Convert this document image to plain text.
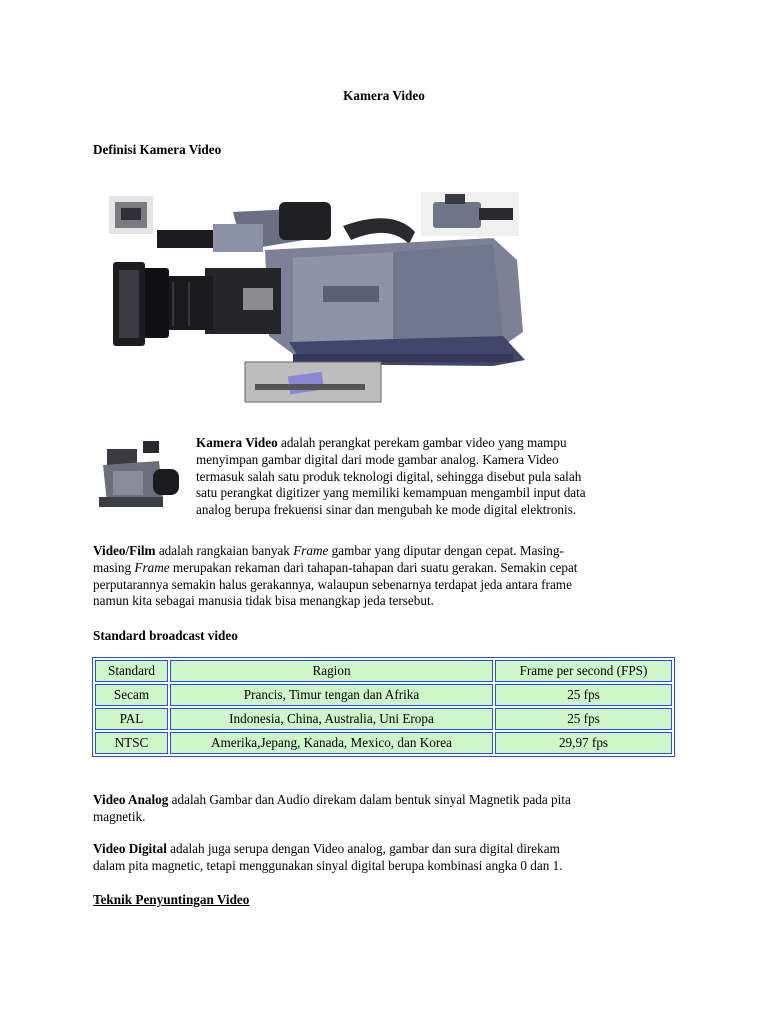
Kamera Video
Definisi Kamera Video
Kamera Video adalah perangkat perekam gambar video yang mampu
menyimpan gambar digital dari mode gambar analog. Kamera Video
termasuk salah satu produk teknologi digital, sehingga disebut pula salah
satu perangkat digitizer yang memiliki kemampuan mengambil input data
analog berupa frekuensi sinar dan mengubah ke mode digital elektronis.
Video/Film adalah rangkaian banyak Frame gambar yang diputar dengan cepat. Masing-
masing Frame merupakan rekaman dari tahapan-tahapan dari suatu gerakan. Semakin cepat
perputarannya semakin halus gerakannya, walaupun sebenarnya terdapat jeda antara frame
namun kita sebagai manusia tidak bisa menangkap jeda tersebut.
Standard broadcast video
Standard	Ragion	Frame per second (FPS)
Secam	Prancis, Timur tengan dan Afrika	25 fps
PAL	Indonesia, China, Australia, Uni Eropa	25 fps
NTSC	Amerika,Jepang, Kanada, Mexico, dan Korea	29,97 fps
Video Analog adalah Gambar dan Audio direkam dalam bentuk sinyal Magnetik pada pita
magnetik.
Video Digital adalah juga serupa dengan Video analog, gambar dan sura digital direkam
dalam pita magnetic, tetapi menggunakan sinyal digital berupa kombinasi angka 0 dan 1.
Teknik Penyuntingan Video
